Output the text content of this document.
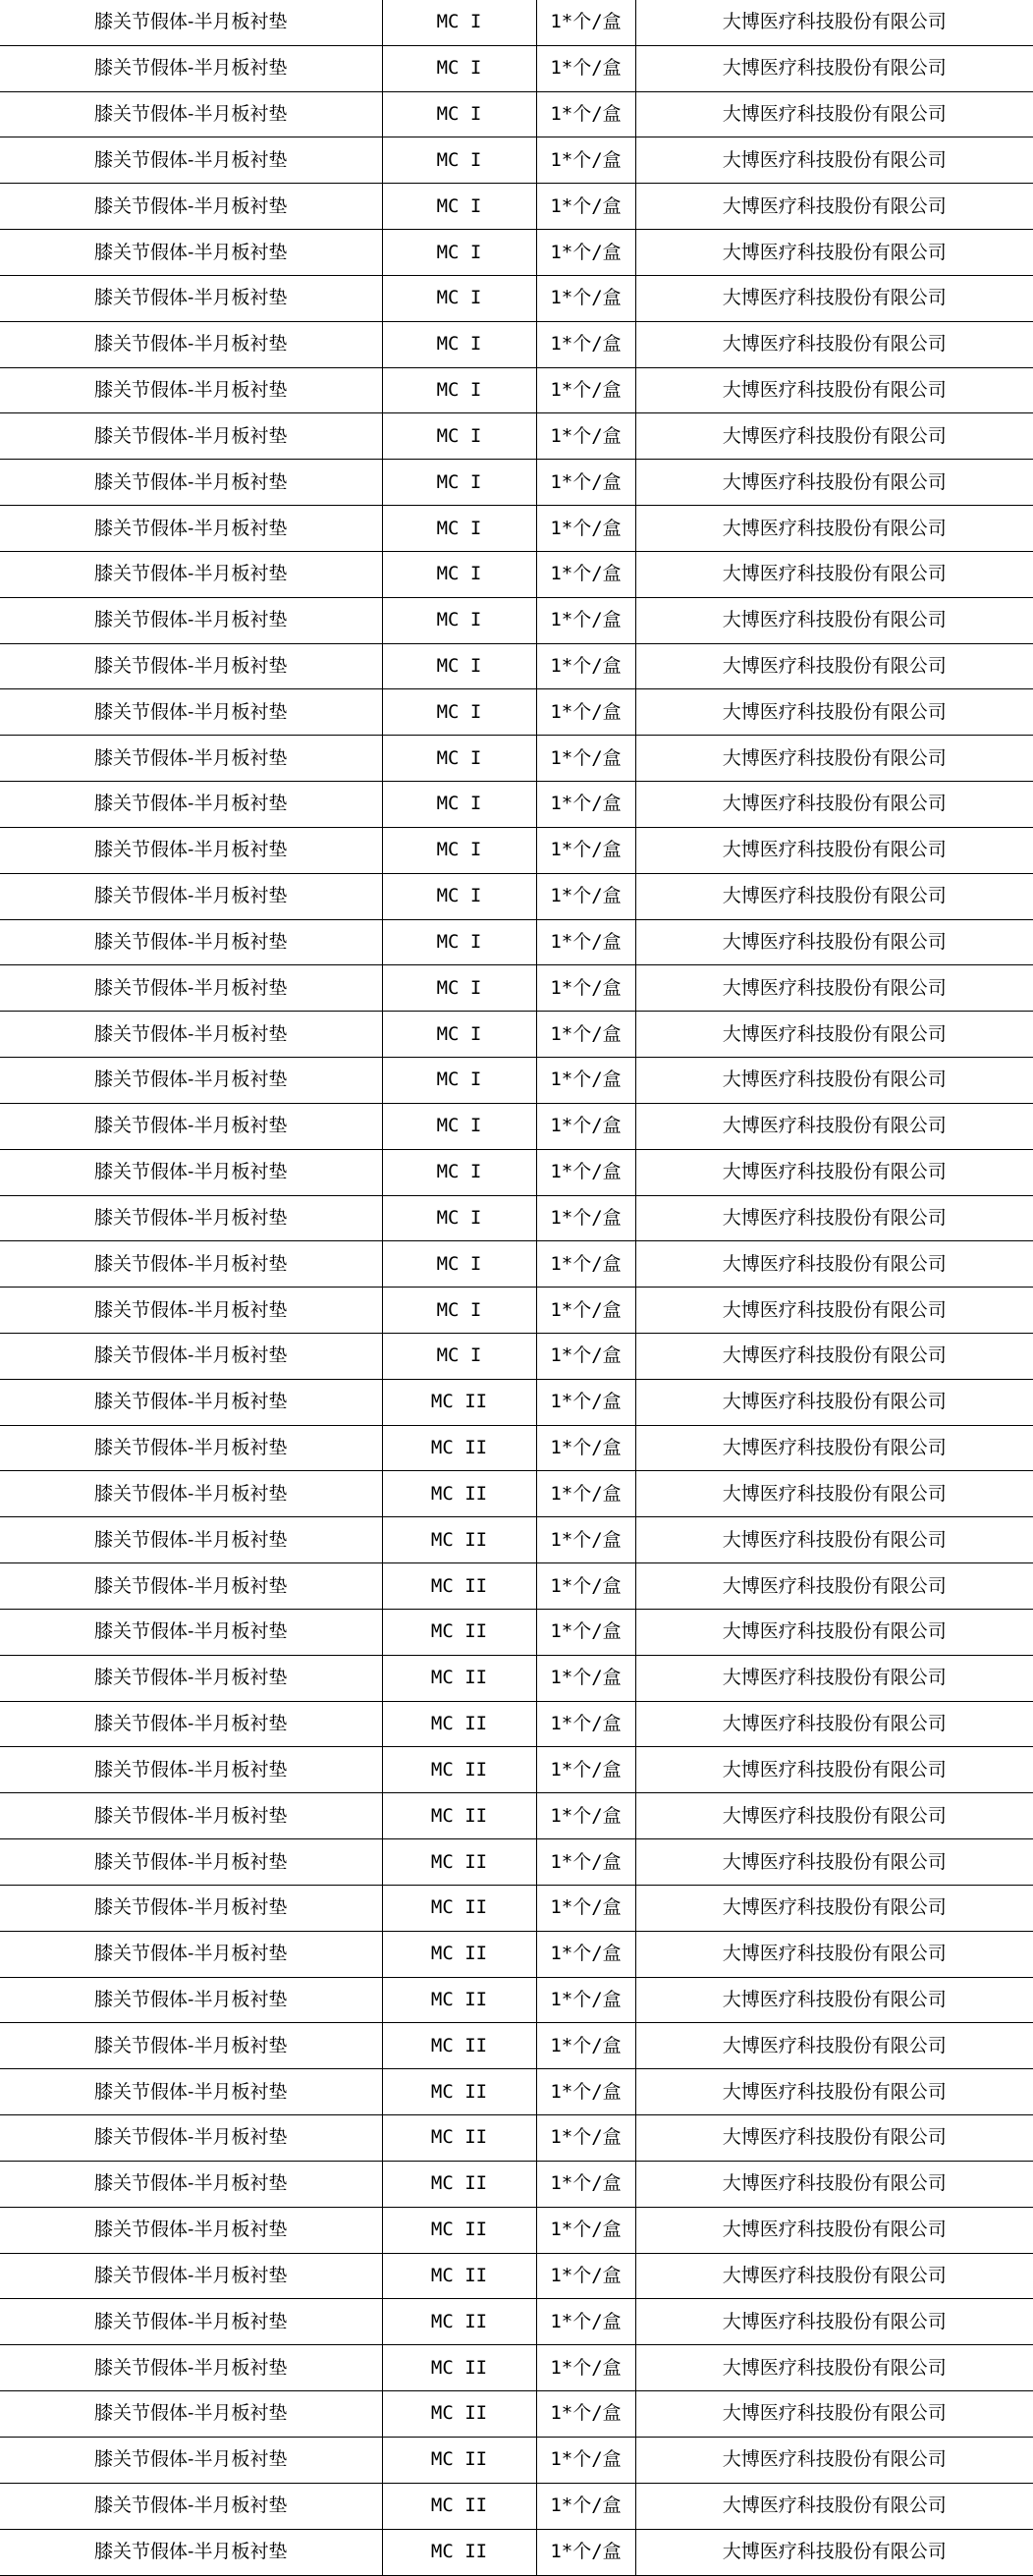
膝关节假体-半月板衬垫	MC I	1*个/盒	大博医疗科技股份有限公司
膝关节假体-半月板衬垫	MC I	1*个/盒	大博医疗科技股份有限公司
膝关节假体-半月板衬垫	MC I	1*个/盒	大博医疗科技股份有限公司
膝关节假体-半月板衬垫	MC I	1*个/盒	大博医疗科技股份有限公司
膝关节假体-半月板衬垫	MC I	1*个/盒	大博医疗科技股份有限公司
膝关节假体-半月板衬垫	MC I	1*个/盒	大博医疗科技股份有限公司
膝关节假体-半月板衬垫	MC I	1*个/盒	大博医疗科技股份有限公司
膝关节假体-半月板衬垫	MC I	1*个/盒	大博医疗科技股份有限公司
膝关节假体-半月板衬垫	MC I	1*个/盒	大博医疗科技股份有限公司
膝关节假体-半月板衬垫	MC I	1*个/盒	大博医疗科技股份有限公司
膝关节假体-半月板衬垫	MC I	1*个/盒	大博医疗科技股份有限公司
膝关节假体-半月板衬垫	MC I	1*个/盒	大博医疗科技股份有限公司
膝关节假体-半月板衬垫	MC I	1*个/盒	大博医疗科技股份有限公司
膝关节假体-半月板衬垫	MC I	1*个/盒	大博医疗科技股份有限公司
膝关节假体-半月板衬垫	MC I	1*个/盒	大博医疗科技股份有限公司
膝关节假体-半月板衬垫	MC I	1*个/盒	大博医疗科技股份有限公司
膝关节假体-半月板衬垫	MC I	1*个/盒	大博医疗科技股份有限公司
膝关节假体-半月板衬垫	MC I	1*个/盒	大博医疗科技股份有限公司
膝关节假体-半月板衬垫	MC I	1*个/盒	大博医疗科技股份有限公司
膝关节假体-半月板衬垫	MC I	1*个/盒	大博医疗科技股份有限公司
膝关节假体-半月板衬垫	MC I	1*个/盒	大博医疗科技股份有限公司
膝关节假体-半月板衬垫	MC I	1*个/盒	大博医疗科技股份有限公司
膝关节假体-半月板衬垫	MC I	1*个/盒	大博医疗科技股份有限公司
膝关节假体-半月板衬垫	MC I	1*个/盒	大博医疗科技股份有限公司
膝关节假体-半月板衬垫	MC I	1*个/盒	大博医疗科技股份有限公司
膝关节假体-半月板衬垫	MC I	1*个/盒	大博医疗科技股份有限公司
膝关节假体-半月板衬垫	MC I	1*个/盒	大博医疗科技股份有限公司
膝关节假体-半月板衬垫	MC I	1*个/盒	大博医疗科技股份有限公司
膝关节假体-半月板衬垫	MC I	1*个/盒	大博医疗科技股份有限公司
膝关节假体-半月板衬垫	MC I	1*个/盒	大博医疗科技股份有限公司
膝关节假体-半月板衬垫	MC II	1*个/盒	大博医疗科技股份有限公司
膝关节假体-半月板衬垫	MC II	1*个/盒	大博医疗科技股份有限公司
膝关节假体-半月板衬垫	MC II	1*个/盒	大博医疗科技股份有限公司
膝关节假体-半月板衬垫	MC II	1*个/盒	大博医疗科技股份有限公司
膝关节假体-半月板衬垫	MC II	1*个/盒	大博医疗科技股份有限公司
膝关节假体-半月板衬垫	MC II	1*个/盒	大博医疗科技股份有限公司
膝关节假体-半月板衬垫	MC II	1*个/盒	大博医疗科技股份有限公司
膝关节假体-半月板衬垫	MC II	1*个/盒	大博医疗科技股份有限公司
膝关节假体-半月板衬垫	MC II	1*个/盒	大博医疗科技股份有限公司
膝关节假体-半月板衬垫	MC II	1*个/盒	大博医疗科技股份有限公司
膝关节假体-半月板衬垫	MC II	1*个/盒	大博医疗科技股份有限公司
膝关节假体-半月板衬垫	MC II	1*个/盒	大博医疗科技股份有限公司
膝关节假体-半月板衬垫	MC II	1*个/盒	大博医疗科技股份有限公司
膝关节假体-半月板衬垫	MC II	1*个/盒	大博医疗科技股份有限公司
膝关节假体-半月板衬垫	MC II	1*个/盒	大博医疗科技股份有限公司
膝关节假体-半月板衬垫	MC II	1*个/盒	大博医疗科技股份有限公司
膝关节假体-半月板衬垫	MC II	1*个/盒	大博医疗科技股份有限公司
膝关节假体-半月板衬垫	MC II	1*个/盒	大博医疗科技股份有限公司
膝关节假体-半月板衬垫	MC II	1*个/盒	大博医疗科技股份有限公司
膝关节假体-半月板衬垫	MC II	1*个/盒	大博医疗科技股份有限公司
膝关节假体-半月板衬垫	MC II	1*个/盒	大博医疗科技股份有限公司
膝关节假体-半月板衬垫	MC II	1*个/盒	大博医疗科技股份有限公司
膝关节假体-半月板衬垫	MC II	1*个/盒	大博医疗科技股份有限公司
膝关节假体-半月板衬垫	MC II	1*个/盒	大博医疗科技股份有限公司
膝关节假体-半月板衬垫	MC II	1*个/盒	大博医疗科技股份有限公司
膝关节假体-半月板衬垫	MC II	1*个/盒	大博医疗科技股份有限公司
